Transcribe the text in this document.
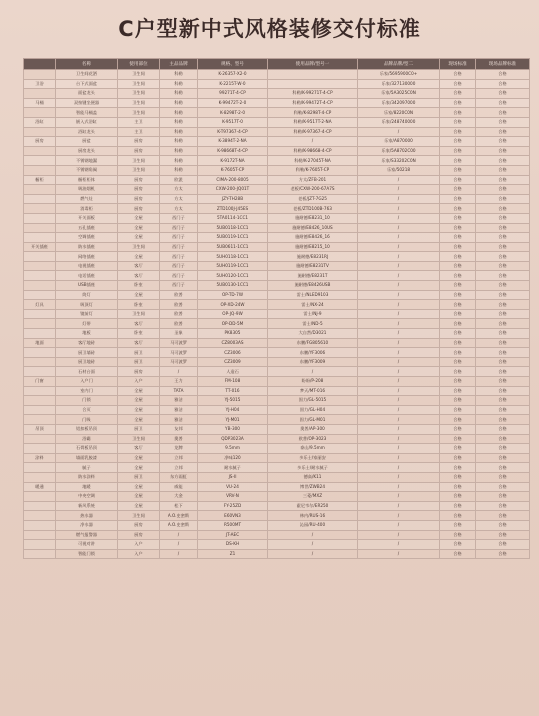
C户型新中式风格装修交付标准
	名称	使用部位	主品品牌	规格、型号	使用品牌/型号一	品牌品牌/型二	现场标准	现场品牌标准
	卫生间花洒	卫生间	科勒	K-26357-X2-0		乐家/5695900C0+	合格	合格
卫浴	台下式面盆	卫生间	科勒	K-2215T-W-0		乐家/327130000	合格	合格
	面盆龙头	卫生间	科勒	99271T-4-CP	科勒/K-99271T-4-CP	乐家/5A3025C0N	合格	合格
马桶	双按键坐便器	卫生间	科勒	K-99472T-2-0	科勒/K-99472T-4-CP	乐家/342097000	合格	合格
	智能马桶盖	卫生间	科勒	K-8298T-2-0	科勒/K-8298T-4-CP	乐家/8220C0N	合格	合格
浴缸	嵌入式浴缸	主卫	科勒	K-9517T-0	科勒/K-9517T-2-NA	乐家/248740000	合格	合格
	浴缸龙头	主卫	科勒	K-T97367-4-CP	科勒/K-97367-4-CP	/	合格	合格
厨房	厨盆	厨房	科勒	K-3894T-2-NA	/	乐家/A870000	合格	合格
	厨房龙头	厨房	科勒	K-98668T-4-CP	科勒/K-98668-4-CP	乐家/5A8702C00	合格	合格
	不锈钢地漏	卫生间	科勒	K-9172T-NA	科勒/K-27045T-NA	乐家/S33202C0N	合格	合格
	不锈钢角阀	卫生间	科勒	K-7605T-CP	科勒/K-7605T-CP	乐家/50218	合格	合格
橱柜	橱柜柜体	厨房	欧派	CIMA-200-8005	方太/ZFB-201	/	合格	合格
	吸油烟机	厨房	方太	CXW-200-JQ01T	老板/CXW-200-67A7S	/	合格	合格
	燃气灶	厨房	方太	JZY-TH28B	老板/JZT-7G25	/	合格	合格
	消毒柜	厨房	方太	ZTD100J-J45ES	老板/ZTD100B-763	/	合格	合格
	开关面板	全屋	西门子	5TA0114-1CC1	施耐德/E8231_10	/	合格	合格
	五孔插座	全屋	西门子	5UB0118-1CC1	施耐德/E8426_10US	/	合格	合格
	空调插座	全屋	西门子	5UB0119-1CC1	施耐德/E8426_16	/	合格	合格
开关插座	防水插座	卫生间	西门子	5UB0611-1CC1	施耐德/E8215_10	/	合格	合格
	网络插座	全屋	西门子	5UH0118-1CC1	施耐德/E8231RJ	/	合格	合格
	电视插座	客厅	西门子	5UH0119-1CC1	施耐德/E8231TV	/	合格	合格
	电话插座	客厅	西门子	5UH0120-1CC1	施耐德/E8231T	/	合格	合格
	USB插座	卧室	西门子	5UB0130-1CC1	施耐德/E8426USB	/	合格	合格
	筒灯	全屋	欧普	OP-TD-7W	雷士/NLED9103	/	合格	合格
灯具	吸顶灯	卧室	欧普	OP-XD-24W	雷士/NX-24	/	合格	合格
	镜前灯	卫生间	欧普	OP-JQ-9W	雷士/NJ-9	/	合格	合格
	灯带	客厅	欧普	OP-DD-5M	雷士/ND-5	/	合格	合格
	地板	卧室	圣象	PK8305	大自然/D3021	/	合格	合格
地面	客厅地砖	客厅	马可波罗	CZ8003AS	东鹏/FG805610	/	合格	合格
	厨卫墙砖	厨卫	马可波罗	CZ3006	东鹏/YF3006	/	合格	合格
	厨卫地砖	厨卫	马可波罗	CZ3009	东鹏/YF3009	/	合格	合格
	石材台面	厨房	/	人造石	/	/	合格	合格
门窗	入户门	入户	王力	FM-108	盼盼/P-208	/	合格	合格
	室内门	全屋	TATA	TT-016	梦天/MT-016	/	合格	合格
	门锁	全屋	雅洁	YJ-5015	固力/GL-5015	/	合格	合格
	合页	全屋	雅洁	YJ-H04	固力/GL-H04	/	合格	合格
	门吸	全屋	雅洁	YJ-M01	固力/GL-M01	/	合格	合格
吊顶	铝扣板吊顶	厨卫	友邦	YB-300	奥普/AP-300	/	合格	合格
	浴霸	卫生间	奥普	QDP3023A	欧普/OP-3023	/	合格	合格
	石膏板吊顶	客厅	龙牌	9.5mm	泰山/9.5mm	/	合格	合格
涂料	墙面乳胶漆	全屋	立邦	净味120	多乐士/家丽安	/	合格	合格
	腻子	全屋	立邦	耐水腻子	多乐士/耐水腻子	/	合格	合格
	防水涂料	厨卫	东方雨虹	JS-II	德高/K11	/	合格	合格
暖通	地暖	全屋	威能	VU-24	博世/ZWB24	/	合格	合格
	中央空调	全屋	大金	VRV-N	三菱/MXZ	/	合格	合格
	新风系统	全屋	松下	FY-25ZD	霍尼韦尔/ER250	/	合格	合格
	热水器	卫生间	A.O.史密斯	E60VN3	林内/RUS-16	/	合格	合格
	净水器	厨房	A.O.史密斯	R500MT	沁园/RU-400	/	合格	合格
	燃气报警器	厨房	/	JT-AEC	/	/	合格	合格
	可视对讲	入户	/	DS-KH	/	/	合格	合格
	智能门锁	入户	/	Z1	/	/	合格	合格
